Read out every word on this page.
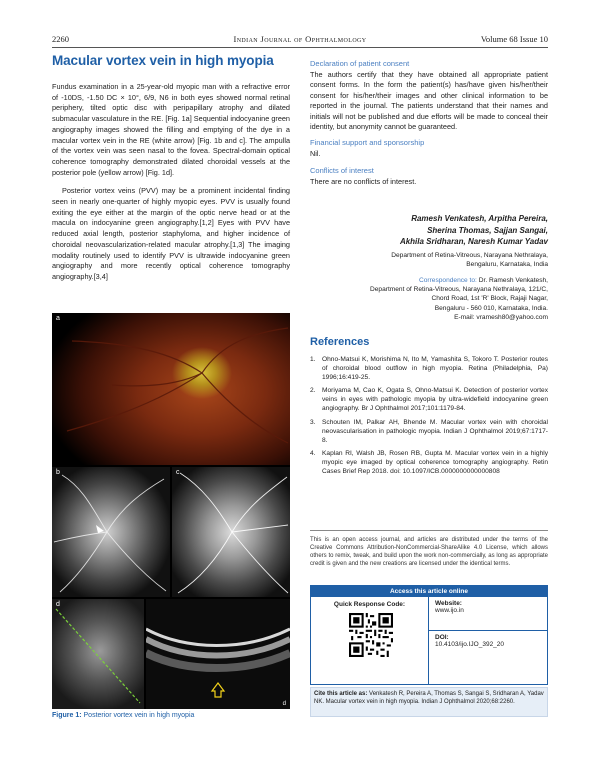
2260	Indian Journal of Ophthalmology	Volume 68 Issue 10
Macular vortex vein in high myopia

Fundus examination in a 25-year-old myopic man with a refractive error of -10DS, -1.50 DC × 10°, 6/9, N6 in both eyes showed normal retinal periphery, tilted optic disc with peripapillary atrophy and dilated submacular vasculature in the RE. [Fig. 1a] Sequential indocyanine green angiography images showed the filling and emptying of the dye in a macular vortex vein in the RE (white arrow) [Fig. 1b and c]. The ampulla of the vortex vein was seen nasal to the fovea. Spectral-domain optical coherence tomography demonstrated dilated choroidal vessels at the posterior pole (yellow arrow) [Fig. 1d].

Posterior vortex veins (PVV) may be a prominent incidental finding seen in nearly one-quarter of highly myopic eyes. PVV is usually found exiting the eye either at the margin of the optic nerve head or at the macula on indocyanine green angiography.[1,2] Eyes with PVV have reduced axial length, posterior staphyloma, and higher incidence of choroidal neovascularization-related macular atrophy.[1,3] The imaging modality routinely used to identify PVV is ultrawide indocyanine green angiography and more recently optical coherence tomography angiography.[3,4]

a
b	c
d
d
Figure 1: Posterior vortex vein in high myopia
Declaration of patient consent
The authors certify that they have obtained all appropriate patient consent forms. In the form the patient(s) has/have given his/her/their consent for his/her/their images and other clinical information to be reported in the journal. The patients understand that their names and initials will not be published and due efforts will be made to conceal their identity, but anonymity cannot be guaranteed.
Financial support and sponsorship
Nil.
Conflicts of interest
There are no conflicts of interest.
Ramesh Venkatesh, Arpitha Pereira,
Sherina Thomas, Sajjan Sangai,
Akhila Sridharan, Naresh Kumar Yadav
Department of Retina-Vitreous, Narayana Nethralaya,
Bengaluru, Karnataka, India
Correspondence to: Dr. Ramesh Venkatesh,
Department of Retina-Vitreous, Narayana Nethralaya, 121/C,
Chord Road, 1st 'R' Block, Rajaji Nagar,
Bengaluru - 560 010, Karnataka, India.
E-mail: vramesh80@yahoo.com
References
1. Ohno-Matsui K, Morishima N, Ito M, Yamashita S, Tokoro T. Posterior routes of choroidal blood outflow in high myopia. Retina (Philadelphia, Pa) 1996;16:419-25.
2. Moriyama M, Cao K, Ogata S, Ohno-Matsui K. Detection of posterior vortex veins in eyes with pathologic myopia by ultra-widefield indocyanine green angiography. Br J Ophthalmol 2017;101:1179-84.
3. Schouten IM, Palkar AH, Bhende M. Macular vortex vein with choroidal neovascularisation in pathologic myopia. Indian J Ophthalmol 2019;67:1717-8.
4. Kaplan RI, Walsh JB, Rosen RB, Gupta M. Macular vortex vein in a highly myopic eye imaged by optical coherence tomography angiography. Retin Cases Brief Rep 2018. doi: 10.1097/ICB.0000000000000808
This is an open access journal, and articles are distributed under the terms of the Creative Commons Attribution-NonCommercial-ShareAlike 4.0 License, which allows others to remix, tweak, and build upon the work non-commercially, as long as appropriate credit is given and the new creations are licensed under the identical terms.
Access this article online
Quick Response Code:	Website:
www.ijo.in
DOI:
10.4103/ijo.IJO_392_20
Cite this article as: Venkatesh R, Pereira A, Thomas S, Sangai S, Sridharan A, Yadav NK. Macular vortex vein in high myopia. Indian J Ophthalmol 2020;68:2260.
